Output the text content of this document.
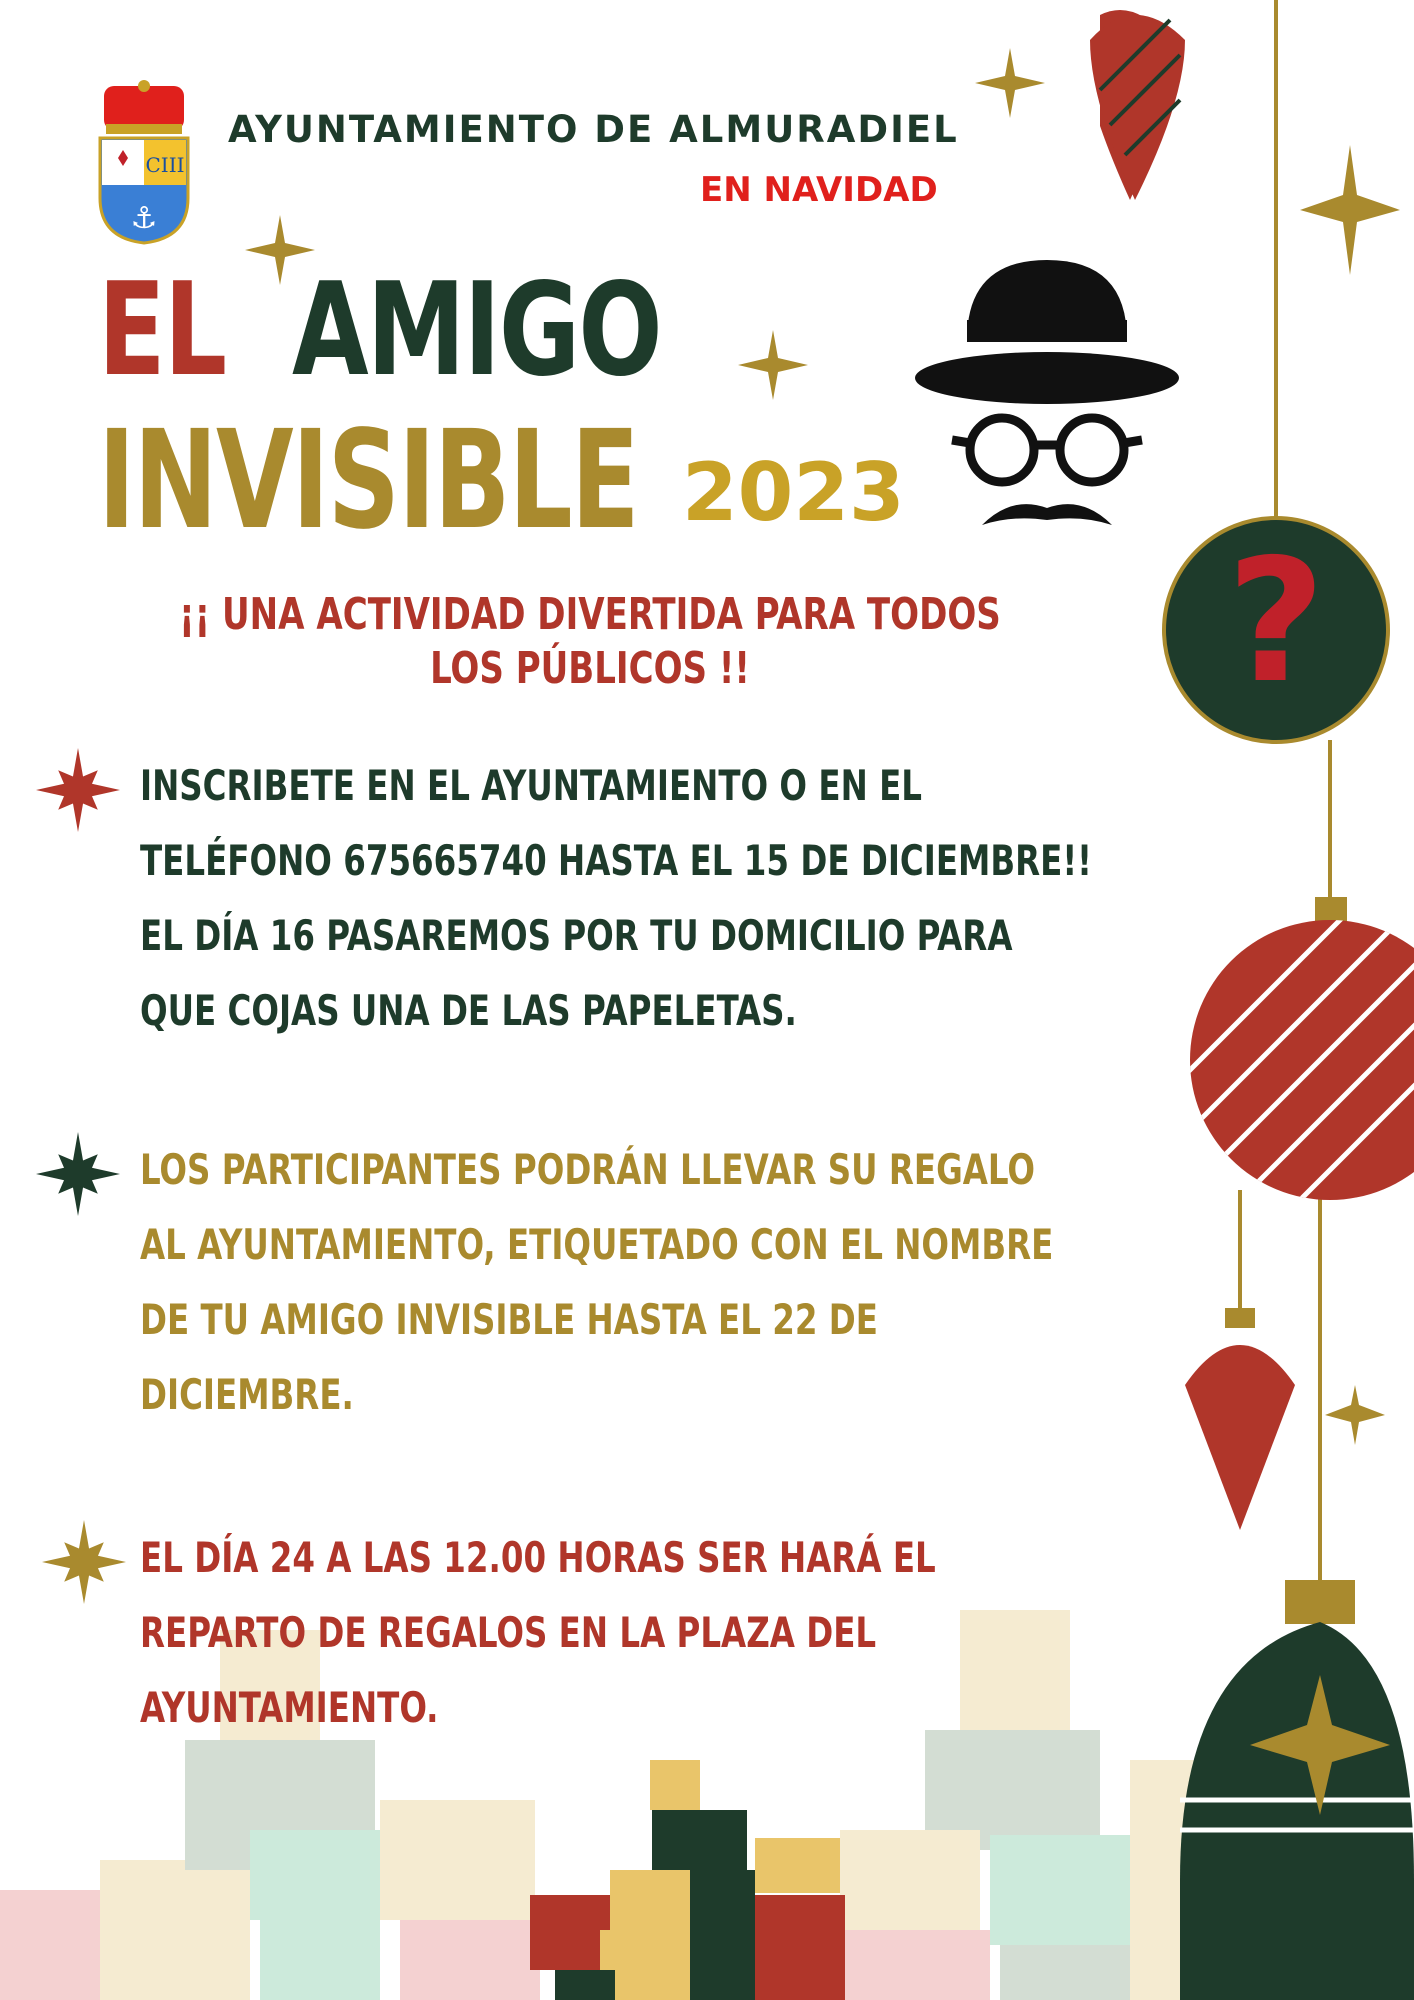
?
CIII
⚓
AYUNTAMIENTO DE ALMURADIEL
EN NAVIDAD
EL AMIGO
INVISIBLE 2023
¡¡ UNA ACTIVIDAD DIVERTIDA PARA TODOS LOS PÚBLICOS !!
INSCRIBETE EN EL AYUNTAMIENTO O EN EL
TELÉFONO 675665740 HASTA EL 15 DE DICIEMBRE!!
EL DÍA 16 PASAREMOS POR TU DOMICILIO PARA
QUE COJAS UNA DE LAS PAPELETAS.
LOS PARTICIPANTES PODRÁN LLEVAR SU REGALO
AL AYUNTAMIENTO, ETIQUETADO CON EL NOMBRE
DE TU AMIGO INVISIBLE HASTA EL 22 DE
DICIEMBRE.
EL DÍA 24 A LAS 12.00 HORAS SER HARÁ EL
REPARTO DE REGALOS EN LA PLAZA DEL
AYUNTAMIENTO.
